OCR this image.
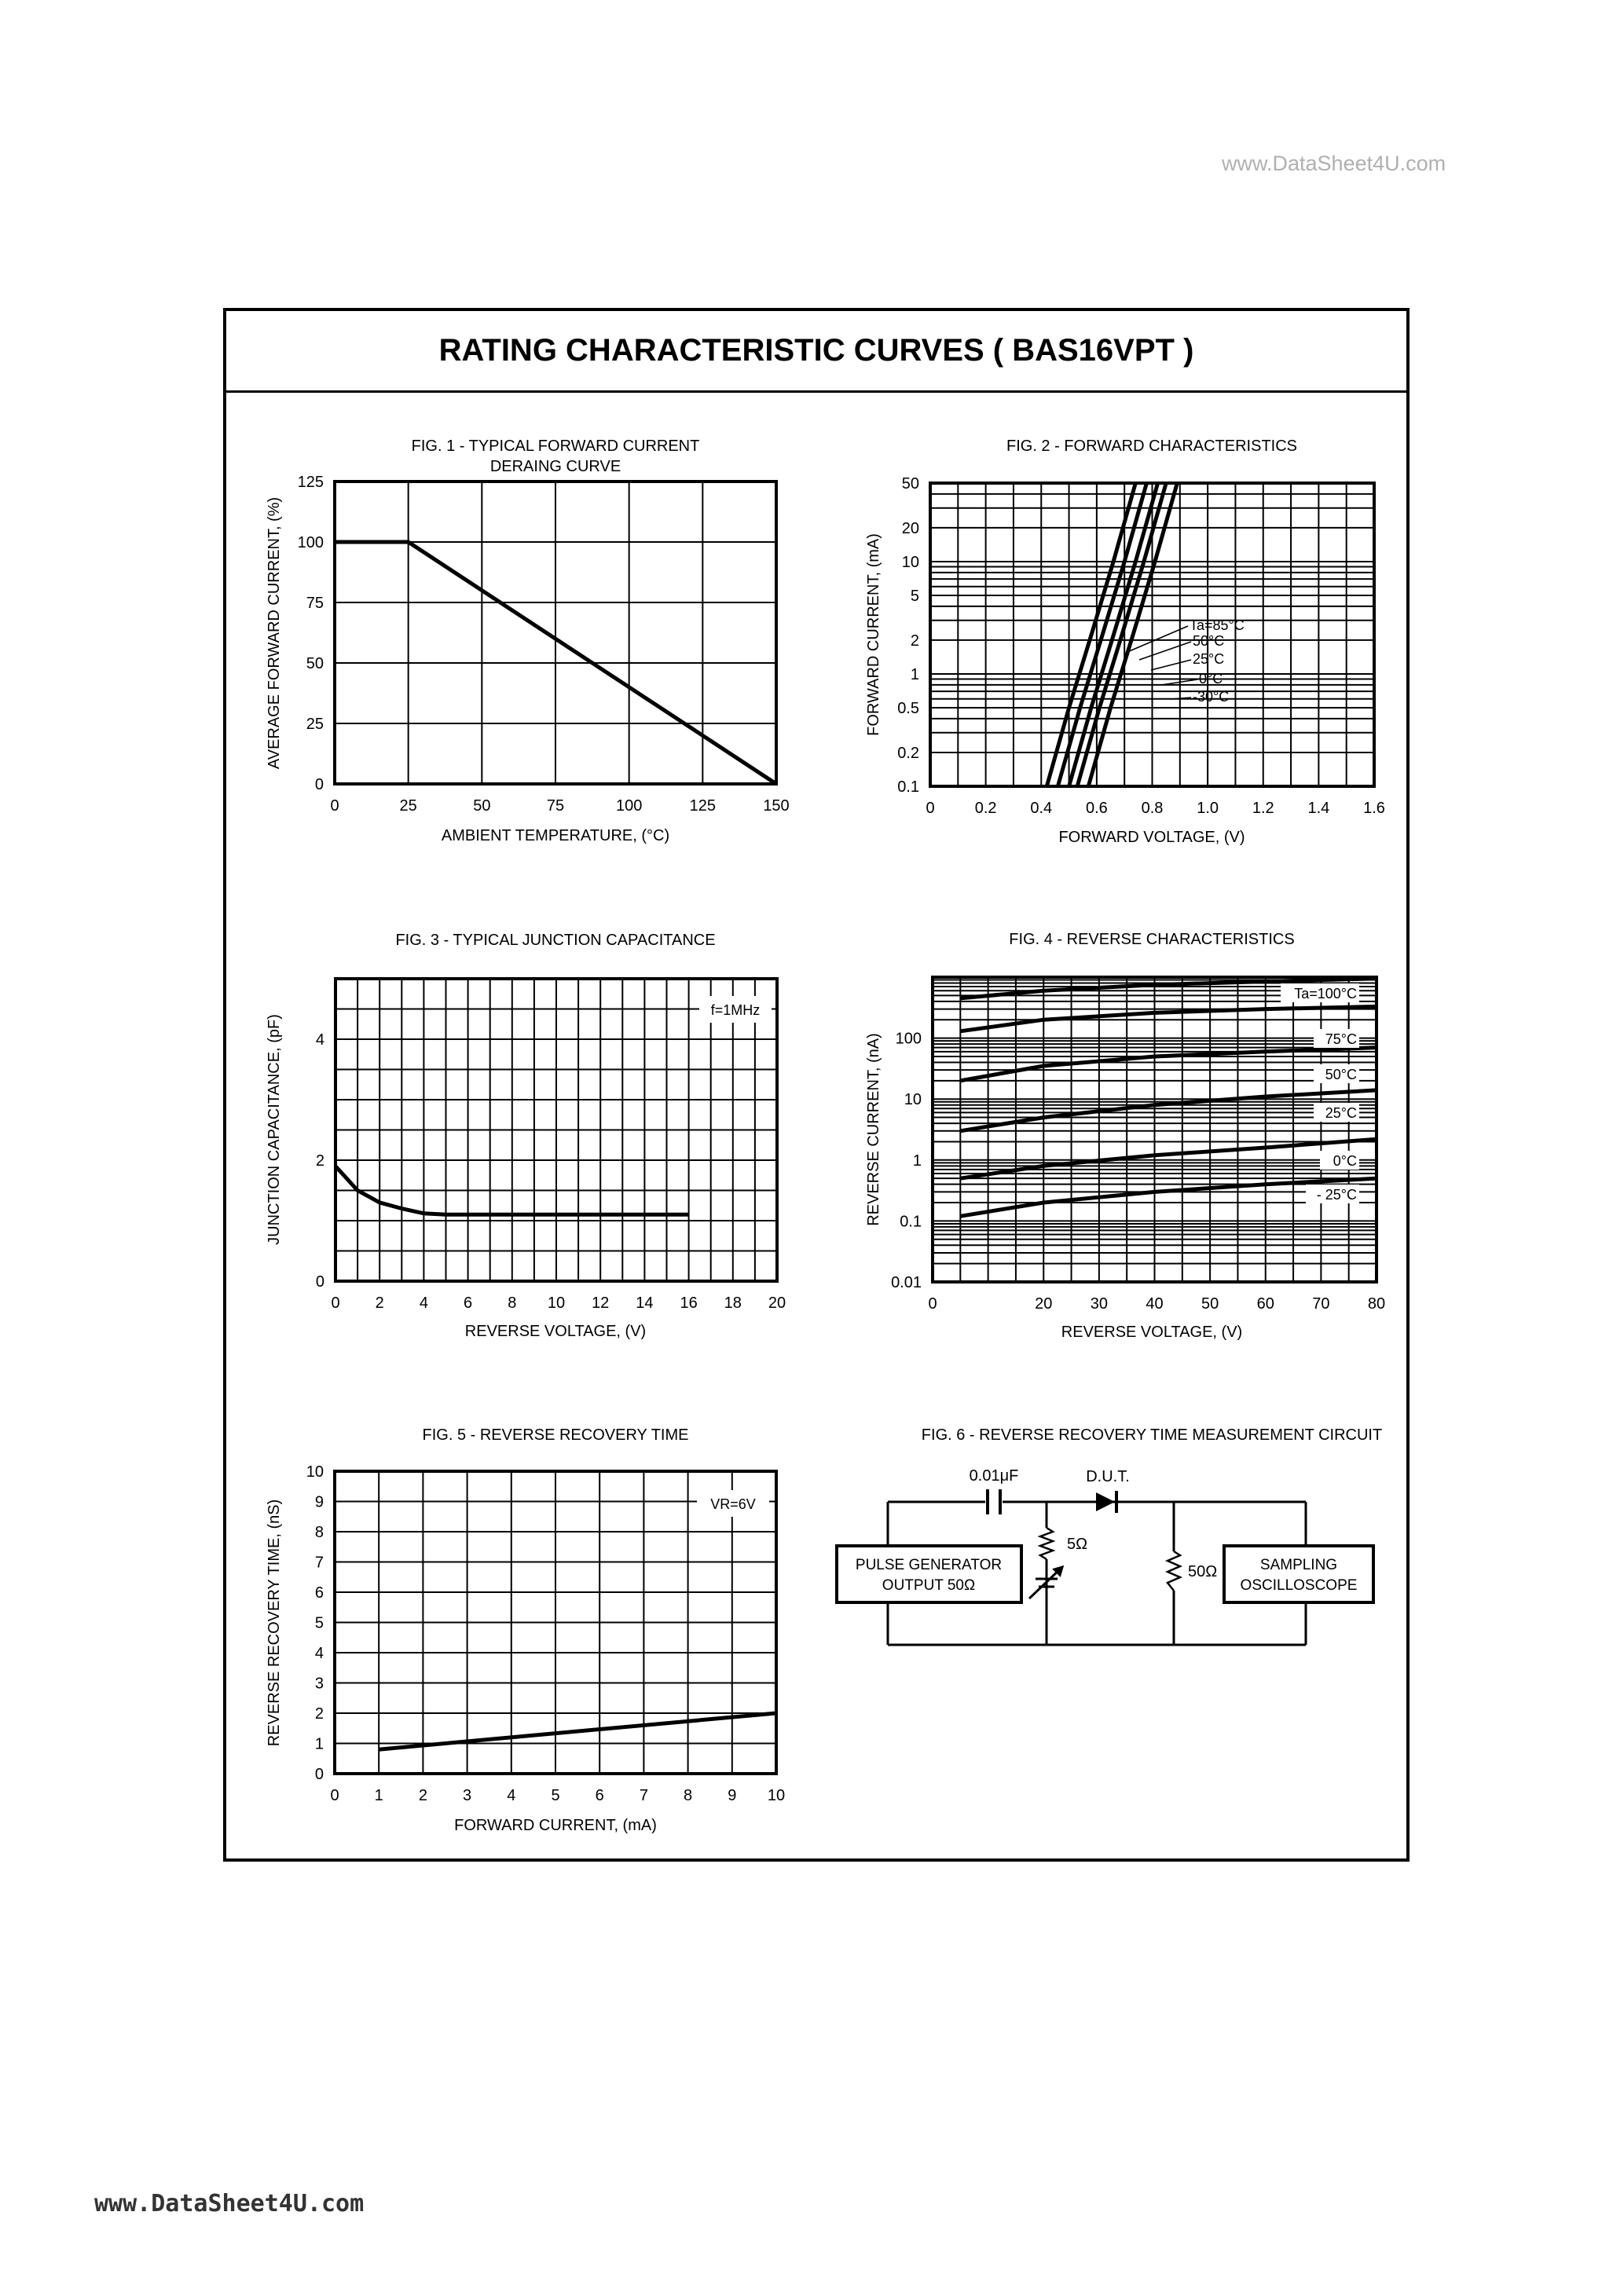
www.DataSheet4U.com
www.DataSheet4U.com
RATING CHARACTERISTIC CURVES ( BAS16VPT )
FIG. 1 - TYPICAL FORWARD CURRENT
DERAING CURVE
0	25	50	75	100	125	150
0
25
50
75
100
125
AMBIENT TEMPERATURE, (°C)
AVERAGE FORWARD CURRENT, (%)
FIG. 2 - FORWARD CHARACTERISTICS
0	0.2 0.4 0.6 0.8 1.0 1.2 1.4 1.6
0.1
0.2
0.5
1
2
5
10
20
50
Ta=85°C
50°C
25°C
0°C
-30°C
FORWARD VOLTAGE, (V)
FORWARD CURRENT, (mA)
FIG. 3 - TYPICAL JUNCTION CAPACITANCE
f=1MHz
0 2 4 6 8 10 12 14 16 18 20
0
2
4
REVERSE VOLTAGE, (V)
JUNCTION CAPACITANCE, (pF)
FIG. 4 - REVERSE CHARACTERISTICS
0	20 30 40 50 60 70 80
0.01
0.1
1
10
100
Ta=100°C
75°C
50°C
25°C
0°C
- 25°C
REVERSE VOLTAGE, (V)
REVERSE CURRENT, (nA)
FIG. 5 - REVERSE RECOVERY TIME
VR=6V
0 1 2 3 4 5 6 7 8 9 10
0
1
2
3
4
5
6
7
8
9
10
FORWARD CURRENT, (mA)
REVERSE RECOVERY TIME, (nS)
FIG. 6 - REVERSE RECOVERY TIME MEASUREMENT CIRCUIT
0.01μF	D.U.T.
5Ω
50Ω
PULSE GENERATOR
OUTPUT 50Ω
SAMPLING
OSCILLOSCOPE
